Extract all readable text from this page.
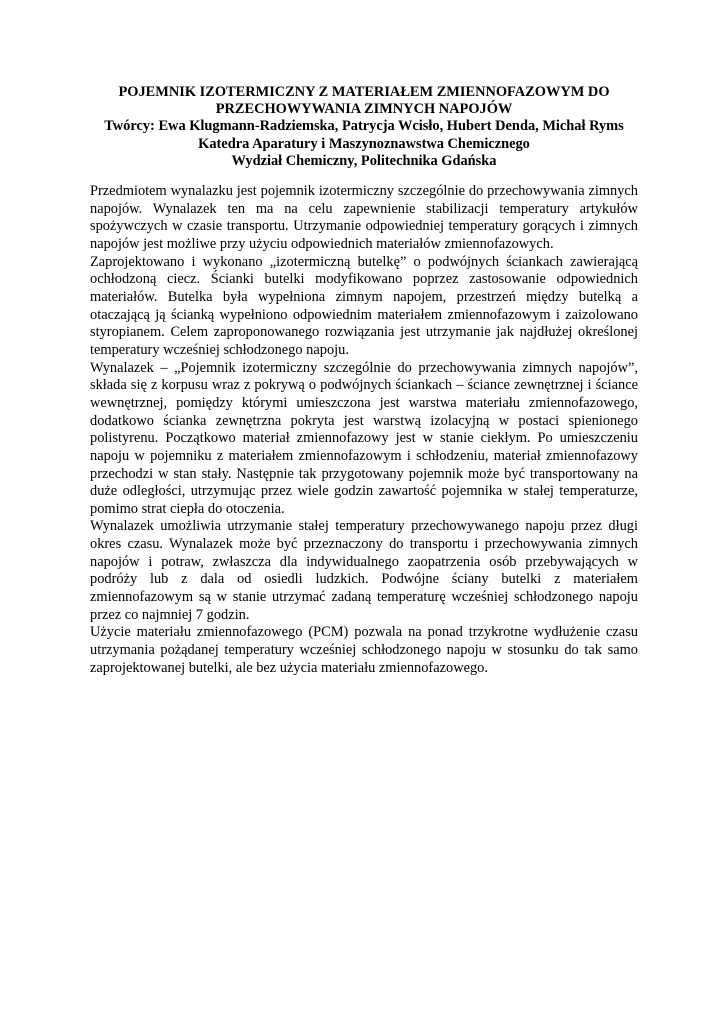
POJEMNIK IZOTERMICZNY Z MATERIAŁEM ZMIENNOFAZOWYM DO
PRZECHOWYWANIA ZIMNYCH NAPOJÓW
Twórcy: Ewa Klugmann-Radziemska, Patrycja Wcisło, Hubert Denda, Michał Ryms
Katedra Aparatury i Maszynoznawstwa Chemicznego
Wydział Chemiczny, Politechnika Gdańska

Przedmiotem wynalazku jest pojemnik izotermiczny szczególnie do przechowywania zimnych napojów. Wynalazek ten ma na celu zapewnienie stabilizacji temperatury artykułów spożywczych w czasie transportu. Utrzymanie odpowiedniej temperatury gorących i zimnych napojów jest możliwe przy użyciu odpowiednich materiałów zmiennofazowych.

Zaprojektowano i wykonano „izotermiczną butelkę” o podwójnych ściankach zawierającą ochłodzoną ciecz. Ścianki butelki modyfikowano poprzez zastosowanie odpowiednich materiałów. Butelka była wypełniona zimnym napojem, przestrzeń między butelką a otaczającą ją ścianką wypełniono odpowiednim materiałem zmiennofazowym i zaizolowano styropianem. Celem zaproponowanego rozwiązania jest utrzymanie jak najdłużej określonej temperatury wcześniej schłodzonego napoju.

Wynalazek – „Pojemnik izotermiczny szczególnie do przechowywania zimnych napojów”, składa się z korpusu wraz z pokrywą o podwójnych ściankach – ściance zewnętrznej i ściance wewnętrznej, pomiędzy którymi umieszczona jest warstwa materiału zmiennofazowego, dodatkowo ścianka zewnętrzna pokryta jest warstwą izolacyjną w postaci spienionego polistyrenu. Początkowo materiał zmiennofazowy jest w stanie ciekłym. Po umieszczeniu napoju w pojemniku z materiałem zmiennofazowym i schłodzeniu, materiał zmiennofazowy przechodzi w stan stały. Następnie tak przygotowany pojemnik może być transportowany na duże odległości, utrzymując przez wiele godzin zawartość pojemnika w stałej temperaturze, pomimo strat ciepła do otoczenia.

Wynalazek umożliwia utrzymanie stałej temperatury przechowywanego napoju przez długi okres czasu. Wynalazek może być przeznaczony do transportu i przechowywania zimnych napojów i potraw, zwłaszcza dla indywidualnego zaopatrzenia osób przebywających w podróży lub z dala od osiedli ludzkich. Podwójne ściany butelki z materiałem zmiennofazowym są w stanie utrzymać zadaną temperaturę wcześniej schłodzonego napoju przez co najmniej 7 godzin.

Użycie materiału zmiennofazowego (PCM) pozwala na ponad trzykrotne wydłużenie czasu utrzymania pożądanej temperatury wcześniej schłodzonego napoju w stosunku do tak samo zaprojektowanej butelki, ale bez użycia materiału zmiennofazowego.
